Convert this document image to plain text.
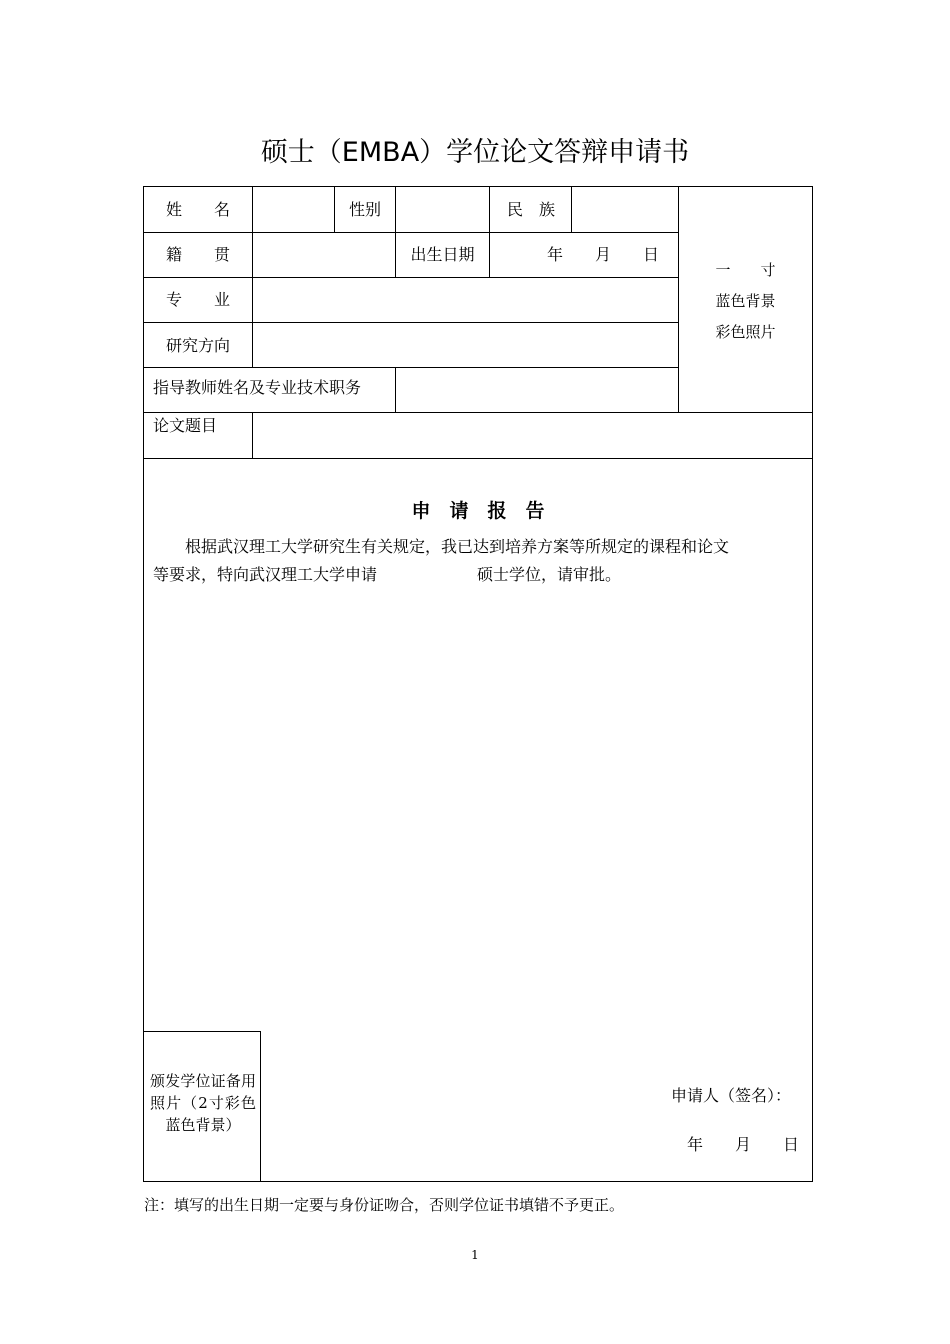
硕士（EMBA）学位论文答辩申请书
姓　　名	性别	民　族
籍　　贯	出生日期	年　　月　　日
专　　业
研究方向
指导教师姓名及专业技术职务
论文题目
一　　寸
蓝色背景
彩色照片
申　请　报　告
　　根据武汉理工大学研究生有关规定，我已达到培养方案等所规定的课程和论文
等要求，特向武汉理工大学申请	硕士学位，请审批。
颁发学位证备用照片（2寸彩色蓝色背景）
申请人（签名）：
年　　月　　日
注：填写的出生日期一定要与身份证吻合，否则学位证书填错不予更正。
1
